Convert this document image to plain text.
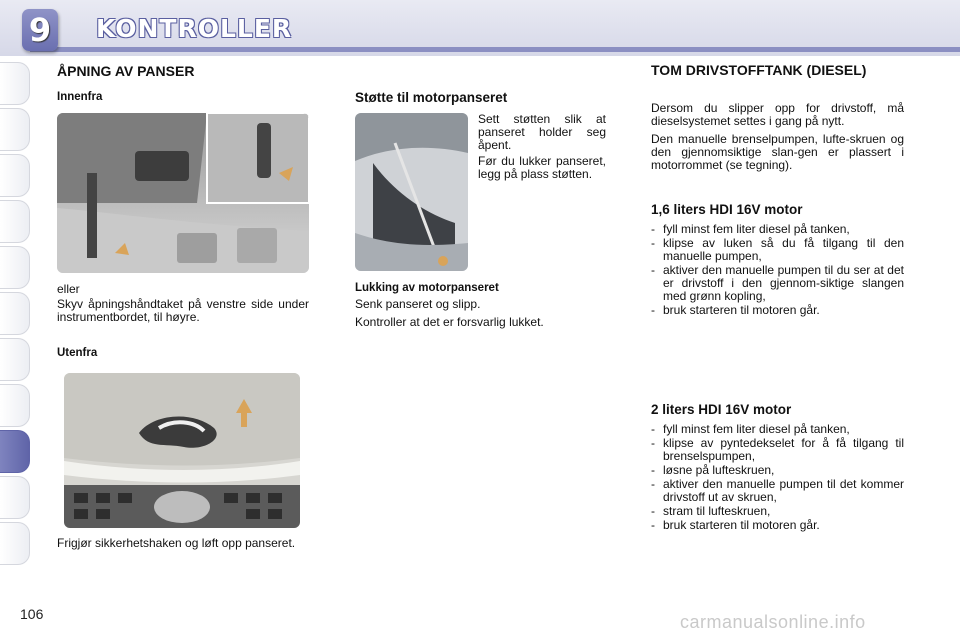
9 KONTROLLER
ÅPNING AV PANSER
Innenfra
eller
Skyv åpningshåndtaket på venstre side under instrumentbordet, til høyre.
Utenfra
Frigjør sikkerhetshaken og løft opp panseret.
Støtte til motorpanseret
Sett støtten slik at panseret holder seg åpent.
Før du lukker panseret, legg på plass støtten.
Lukking av motorpanseret
Senk panseret og slipp.
Kontroller at det er forsvarlig lukket.
TOM DRIVSTOFFTANK (DIESEL)
Dersom du slipper opp for drivstoff, må dieselsystemet settes i gang på nytt.
Den manuelle brenselpumpen, lufte-skruen og den gjennomsiktige slan-gen er plassert i motorrommet (se tegning).
1,6 liters HDI 16V motor
- fyll minst fem liter diesel på tanken,
- klipse av luken så du få tilgang til den manuelle pumpen,
- aktiver den manuelle pumpen til du ser at det er drivstoff i den gjennom-siktige slangen med grønn kopling,
- bruk starteren til motoren går.
2 liters HDI 16V motor
- fyll minst fem liter diesel på tanken,
- klipse av pyntedekselet for å få tilgang til brenselspumpen,
- løsne på lufteskruen,
- aktiver den manuelle pumpen til det kommer drivstoff ut av skruen,
- stram til lufteskruen,
- bruk starteren til motoren går.
106	carmanualsonline.info
